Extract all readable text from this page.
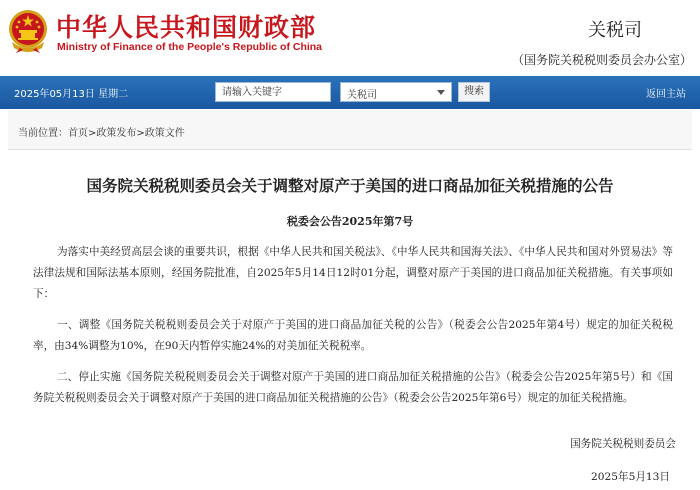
中华人民共和国财政部
Ministry of Finance of the People's Republic of China
关税司
（国务院关税税则委员会办公室）
2025年05月13日 星期二
请输入关键字	关税司	搜索	返回主站
当前位置：首页>政策发布>政策文件
国务院关税税则委员会关于调整对原产于美国的进口商品加征关税措施的公告
税委会公告2025年第7号

为落实中美经贸高层会谈的重要共识，根据《中华人民共和国关税法》、《中华人民共和国海关法》、《中华人民共和国对外贸易法》等法律法规和国际法基本原则，经国务院批准，自2025年5月14日12时01分起，调整对原产于美国的进口商品加征关税措施。有关事项如下：

一、调整《国务院关税税则委员会关于对原产于美国的进口商品加征关税的公告》（税委会公告2025年第4号）规定的加征关税税率，由34%调整为10%，在90天内暂停实施24%的对美加征关税税率。

二、停止实施《国务院关税税则委员会关于调整对原产于美国的进口商品加征关税措施的公告》（税委会公告2025年第5号）和《国务院关税税则委员会关于调整对原产于美国的进口商品加征关税措施的公告》（税委会公告2025年第6号）规定的加征关税措施。

国务院关税税则委员会
2025年5月13日
